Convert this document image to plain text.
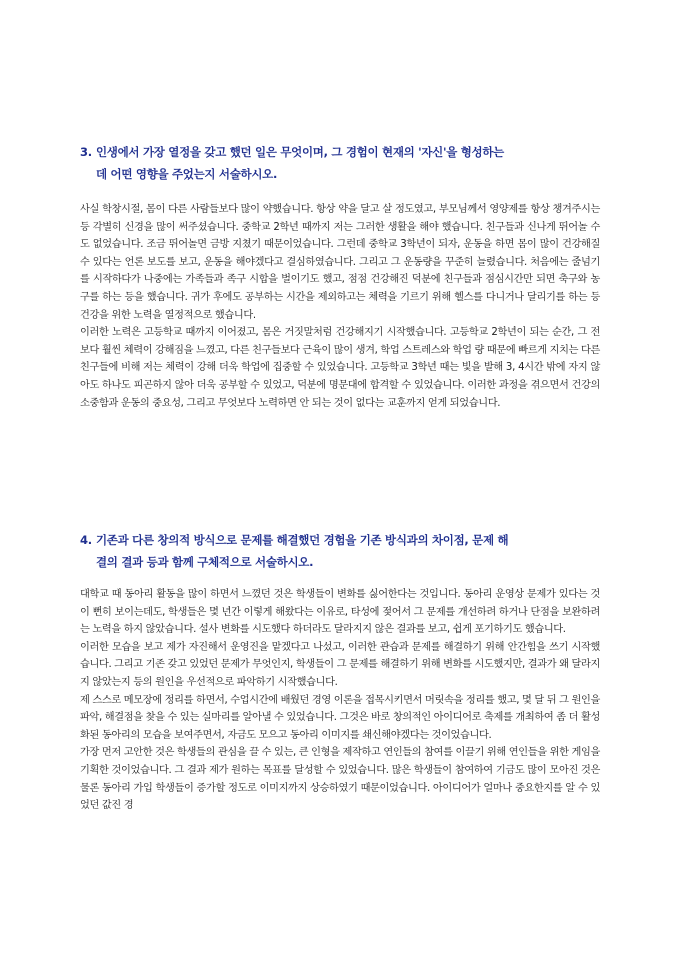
3. 인생에서 가장 열정을 갖고 했던 일은 무엇이며, 그 경험이 현재의 '자신'을 형성하는
데 어떤 영향을 주었는지 서술하시오.

사실 학창시절, 몸이 다른 사람들보다 많이 약했습니다. 항상 약을 달고 살 정도였고, 부모님께서 영양제를 항상 챙겨주시는 등 각별히 신경을 많이 써주셨습니다. 중학교 2학년 때까지 저는 그러한 생활을 해야 했습니다. 친구들과 신나게 뛰어놀 수도 없었습니다. 조금 뛰어놀면 금방 지쳤기 때문이었습니다. 그런데 중학교 3학년이 되자, 운동을 하면 몸이 많이 건강해질 수 있다는 언론 보도를 보고, 운동을 해야겠다고 결심하였습니다. 그리고 그 운동량을 꾸준히 늘렸습니다. 처음에는 줄넘기를 시작하다가 나중에는 가족들과 족구 시합을 벌이기도 했고, 점점 건강해진 덕분에 친구들과 점심시간만 되면 축구와 농구를 하는 등을 했습니다. 귀가 후에도 공부하는 시간을 제외하고는 체력을 기르기 위해 헬스를 다니거나 달리기를 하는 등 건강을 위한 노력을 열정적으로 했습니다.

이러한 노력은 고등학교 때까지 이어졌고, 몸은 거짓말처럼 건강해지기 시작했습니다. 고등학교 2학년이 되는 순간, 그 전보다 훨씬 체력이 강해짐을 느꼈고, 다른 친구들보다 근육이 많이 생겨, 학업 스트레스와 학업 량 때문에 빠르게 지치는 다른 친구들에 비해 저는 체력이 강해 더욱 학업에 집중할 수 있었습니다. 고등학교 3학년 때는 빛을 발해 3, 4시간 밖에 자지 않아도 하나도 피곤하지 않아 더욱 공부할 수 있었고, 덕분에 명문대에 합격할 수 있었습니다. 이러한 과정을 겪으면서 건강의 소중함과 운동의 중요성, 그리고 무엇보다 노력하면 안 되는 것이 없다는 교훈까지 얻게 되었습니다.

4. 기존과 다른 창의적 방식으로 문제를 해결했던 경험을 기존 방식과의 차이점, 문제 해
결의 결과 등과 함께 구체적으로 서술하시오.

대학교 때 동아리 활동을 많이 하면서 느꼈던 것은 학생들이 변화를 싫어한다는 것입니다. 동아리 운영상 문제가 있다는 것이 뻔히 보이는데도, 학생들은 몇 년간 이렇게 해왔다는 이유로, 타성에 젖어서 그 문제를 개선하려 하거나 단점을 보완하려는 노력을 하지 않았습니다. 설사 변화를 시도했다 하더라도 달라지지 않은 결과를 보고, 쉽게 포기하기도 했습니다.

이러한 모습을 보고 제가 자진해서 운영진을 맡겠다고 나섰고, 이러한 관습과 문제를 해결하기 위해 안간힘을 쓰기 시작했습니다. 그리고 기존 갖고 있었던 문제가 무엇인지, 학생들이 그 문제를 해결하기 위해 변화를 시도했지만, 결과가 왜 달라지지 않았는지 등의 원인을 우선적으로 파악하기 시작했습니다.

제 스스로 메모장에 정리를 하면서, 수업시간에 배웠던 경영 이론을 접목시키면서 머릿속을 정리를 했고, 몇 달 뒤 그 원인을 파악, 해결점을 찾을 수 있는 실마리를 알아낼 수 있었습니다. 그것은 바로 창의적인 아이디어로 축제를 개최하여 좀 더 활성화된 동아리의 모습을 보여주면서, 자금도 모으고 동아리 이미지를 쇄신해야겠다는 것이었습니다.

가장 먼저 고안한 것은 학생들의 관심을 끌 수 있는, 큰 인형을 제작하고 연인들의 참여를 이끌기 위해 연인들을 위한 게임을 기획한 것이었습니다. 그 결과 제가 원하는 목표를 달성할 수 있었습니다. 많은 학생들이 참여하여 기금도 많이 모아진 것은 물론 동아리 가입 학생들이 증가할 정도로 이미지까지 상승하였기 때문이었습니다. 아이디어가 얼마나 중요한지를 알 수 있었던 값진 경
